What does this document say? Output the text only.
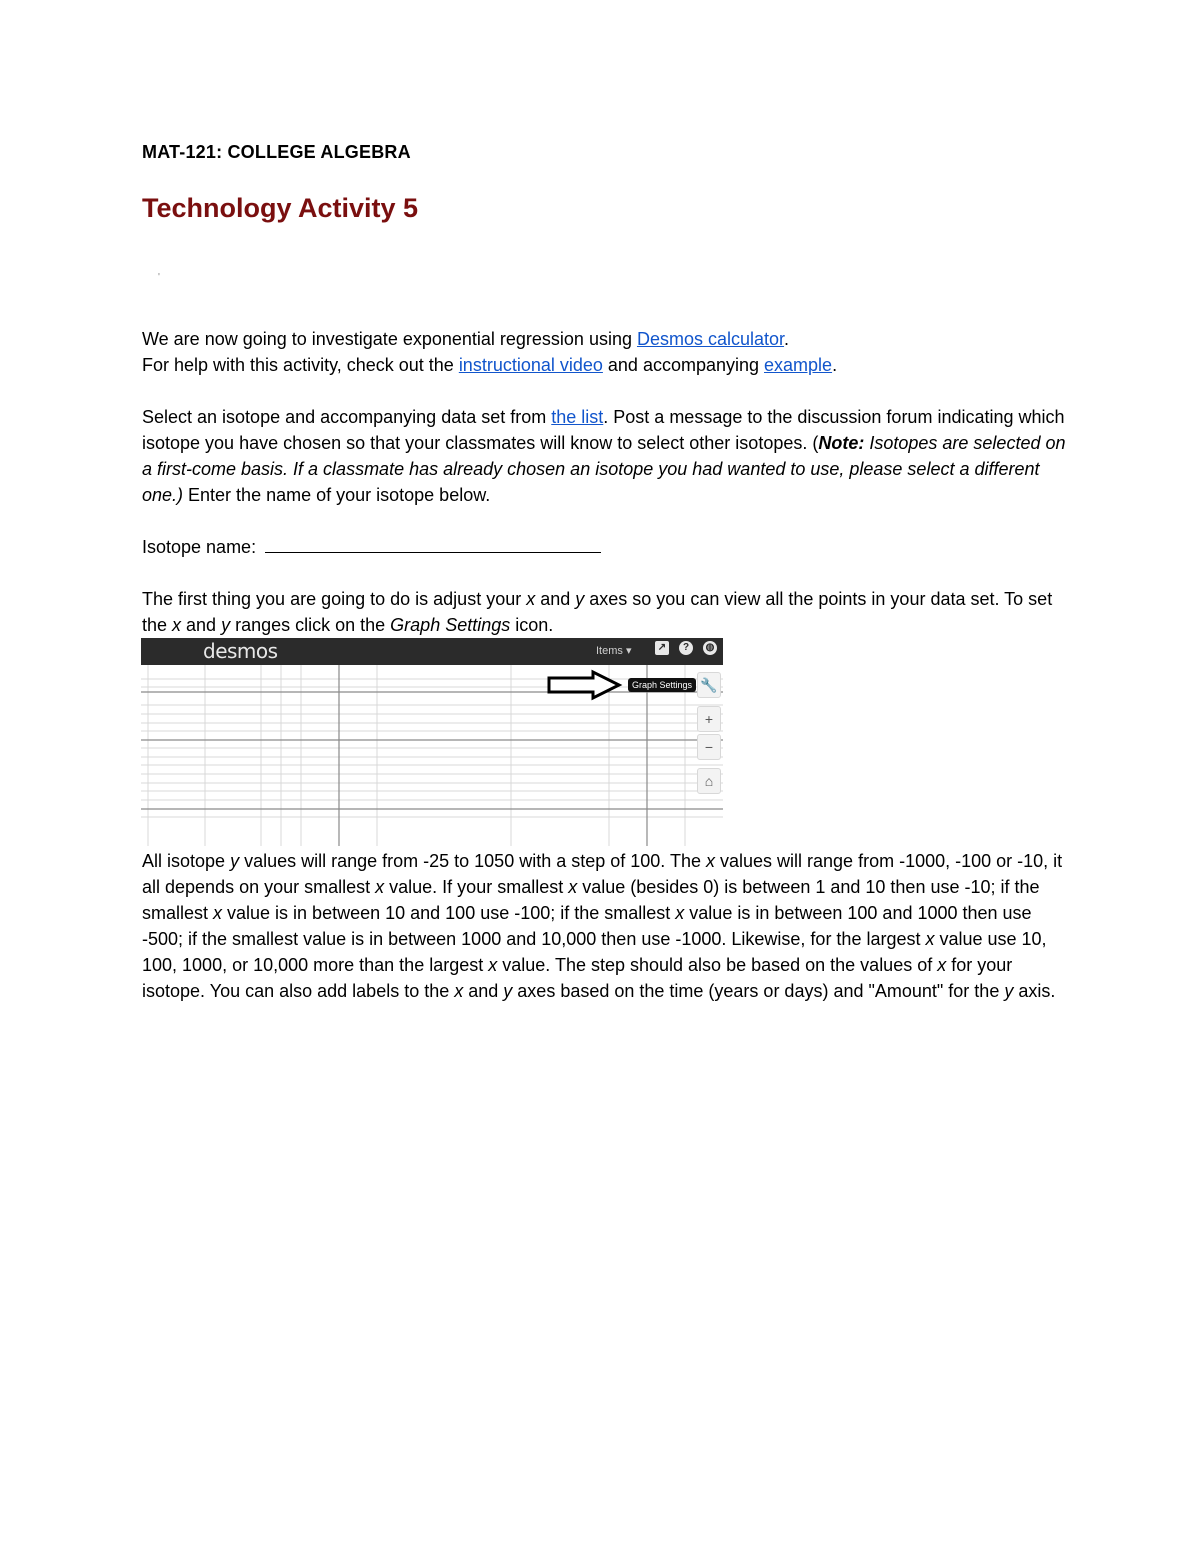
MAT-121: COLLEGE ALGEBRA

Technology Activity 5
'

We are now going to investigate exponential regression using Desmos calculator.
For help with this activity, check out the instructional video and accompanying example.

Select an isotope and accompanying data set from the list. Post a message to the discussion forum indicating which isotope you have chosen so that your classmates will know to select other isotopes. (Note: Isotopes are selected on a first-come basis. If a classmate has already chosen an isotope you had wanted to use, please select a different one.) Enter the name of your isotope below.

Isotope name:

The first thing you are going to do is adjust your x and y axes so you can view all the points in your data set. To set the x and y ranges click on the Graph Settings icon.

desmos	Items ▾	↗	?	◍
Graph Settings 🔧
+
−
⌂

All isotope y values will range from -25 to 1050 with a step of 100. The x values will range from -1000, -100 or -10, it all depends on your smallest x value. If your smallest x value (besides 0) is between 1 and 10 then use -10; if the smallest x value is in between 10 and 100 use -100; if the smallest x value is in between 100 and 1000 then use -500; if the smallest value is in between 1000 and 10,000 then use -1000. Likewise, for the largest x value use 10, 100, 1000, or 10,000 more than the largest x value. The step should also be based on the values of x for your isotope. You can also add labels to the x and y axes based on the time (years or days) and "Amount" for the y axis.
